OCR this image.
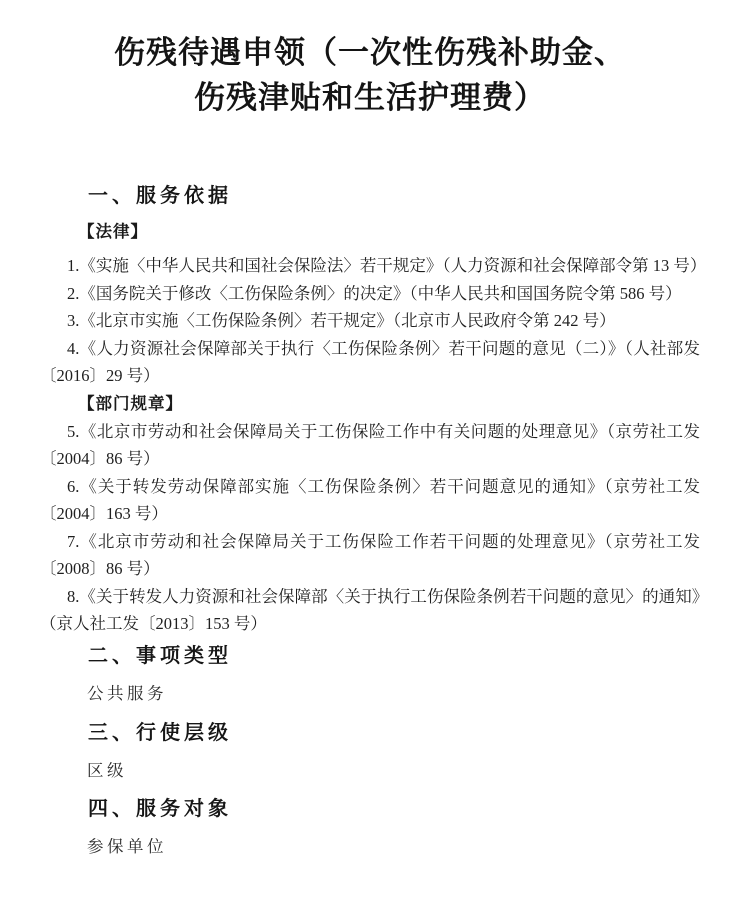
伤残待遇申领（一次性伤残补助金、
伤残津贴和生活护理费）
一、服务依据
【法律】

1.《实施〈中华人民共和国社会保险法〉若干规定》（人力资源和社会保障部令第 13 号）

2.《国务院关于修改〈工伤保险条例〉的决定》（中华人民共和国国务院令第 586 号）

3.《北京市实施〈工伤保险条例〉若干规定》（北京市人民政府令第 242 号）

4.《人力资源社会保障部关于执行〈工伤保险条例〉若干问题的意见（二）》（人社部发〔2016〕29 号）

【部门规章】

5.《北京市劳动和社会保障局关于工伤保险工作中有关问题的处理意见》（京劳社工发〔2004〕86 号）

6.《关于转发劳动保障部实施〈工伤保险条例〉若干问题意见的通知》（京劳社工发〔2004〕163 号）

7.《北京市劳动和社会保障局关于工伤保险工作若干问题的处理意见》（京劳社工发〔2008〕86 号）

8.《关于转发人力资源和社会保障部〈关于执行工伤保险条例若干问题的意见〉的通知》（京人社工发〔2013〕153 号）

二、事项类型

公共服务

三、行使层级

区级

四、服务对象

参保单位
